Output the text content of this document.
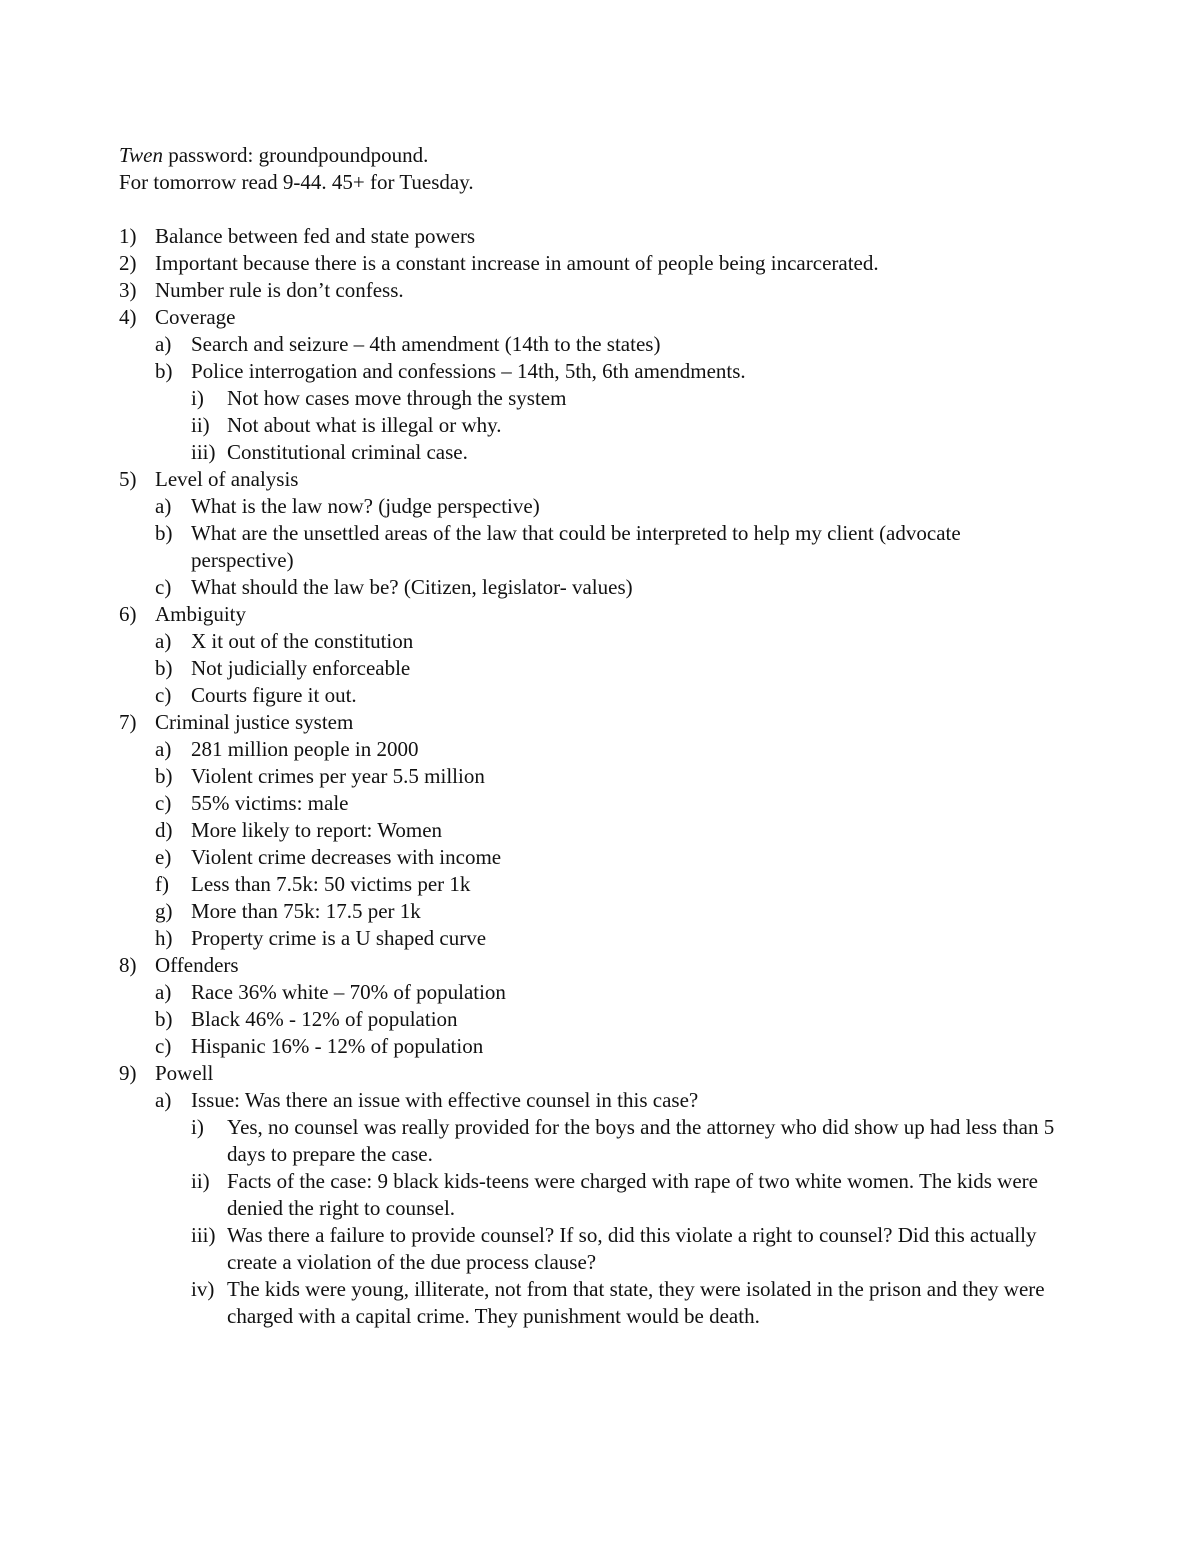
Twen password: groundpoundpound.
For tomorrow read 9-44. 45+ for Tuesday.
1) Balance between fed and state powers
2) Important because there is a constant increase in amount of people being incarcerated.
3) Number rule is don’t confess.
4) Coverage
a) Search and seizure – 4th amendment (14th to the states)
b) Police interrogation and confessions – 14th, 5th, 6th amendments.
i) Not how cases move through the system
ii) Not about what is illegal or why.
iii) Constitutional criminal case.
5) Level of analysis
a) What is the law now? (judge perspective)
b) What are the unsettled areas of the law that could be interpreted to help my client (advocate perspective)
c) What should the law be? (Citizen, legislator- values)
6) Ambiguity
a) X it out of the constitution
b) Not judicially enforceable
c) Courts figure it out.
7) Criminal justice system
a) 281 million people in 2000
b) Violent crimes per year 5.5 million
c) 55% victims: male
d) More likely to report: Women
e) Violent crime decreases with income
f) Less than 7.5k: 50 victims per 1k
g) More than 75k: 17.5 per 1k
h) Property crime is a U shaped curve
8) Offenders
a) Race 36% white – 70% of population
b) Black 46% - 12% of population
c) Hispanic 16% - 12% of population
9) Powell
a) Issue: Was there an issue with effective counsel in this case?
i) Yes, no counsel was really provided for the boys and the attorney who did show up had less than 5 days to prepare the case.
ii) Facts of the case: 9 black kids-teens were charged with rape of two white women. The kids were denied the right to counsel.
iii) Was there a failure to provide counsel? If so, did this violate a right to counsel? Did this actually create a violation of the due process clause?
iv) The kids were young, illiterate, not from that state, they were isolated in the prison and they were charged with a capital crime. They punishment would be death.
